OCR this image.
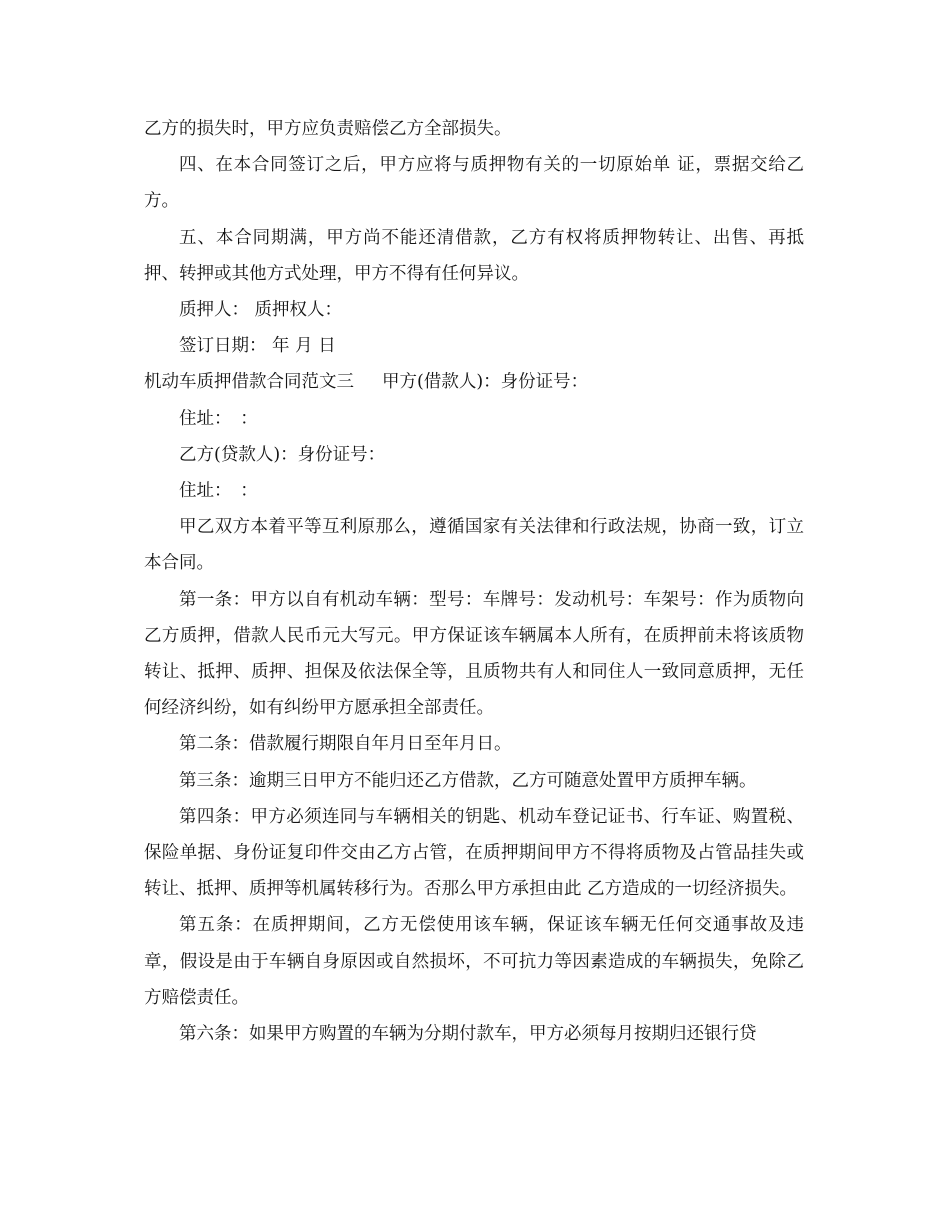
乙方的损失时，甲方应负责赔偿乙方全部损失。

四、在本合同签订之后，甲方应将与质押物有关的一切原始单 证，票据交给乙方。

五、本合同期满，甲方尚不能还清借款，乙方有权将质押物转让、出售、再抵押、转押或其他方式处理，甲方不得有任何异议。

质押人： 质押权人：

签订日期： 年 月 日

机动车质押借款合同范文三 甲方(借款人)：身份证号：

住址：　：

乙方(贷款人)：身份证号：

住址：　：

甲乙双方本着平等互利原那么，遵循国家有关法律和行政法规，协商一致，订立本合同。

第一条：甲方以自有机动车辆：型号：车牌号：发动机号：车架号：作为质物向乙方质押，借款人民币元大写元。甲方保证该车辆属本人所有，在质押前未将该质物转让、抵押、质押、担保及依法保全等，且质物共有人和同住人一致同意质押，无任何经济纠纷，如有纠纷甲方愿承担全部责任。

第二条：借款履行期限自年月日至年月日。

第三条：逾期三日甲方不能归还乙方借款，乙方可随意处置甲方质押车辆。

第四条：甲方必须连同与车辆相关的钥匙、机动车登记证书、行车证、购置税、保险单据、身份证复印件交由乙方占管，在质押期间甲方不得将质物及占管品挂失或转让、抵押、质押等机属转移行为。否那么甲方承担由此 乙方造成的一切经济损失。

第五条：在质押期间，乙方无偿使用该车辆，保证该车辆无任何交通事故及违章，假设是由于车辆自身原因或自然损坏，不可抗力等因素造成的车辆损失，免除乙方赔偿责任。

第六条：如果甲方购置的车辆为分期付款车，甲方必须每月按期归还银行贷
